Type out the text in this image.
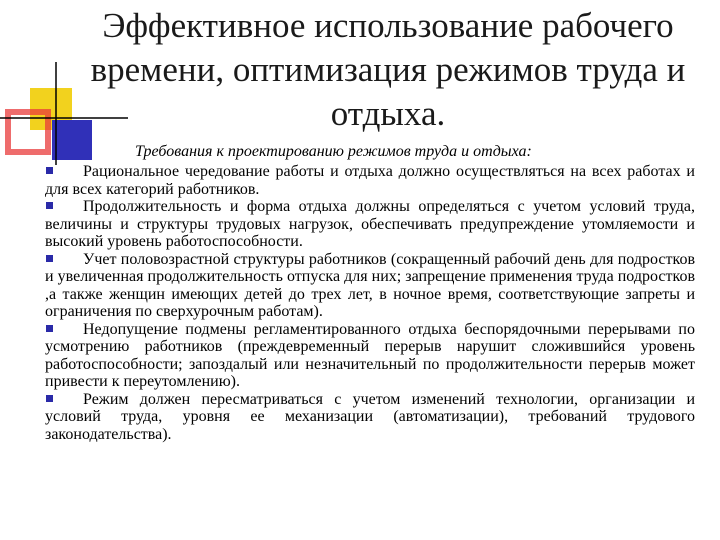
Эффективное использование рабочего времени, оптимизация режимов труда и отдыха.
Требования к проектированию режимов труда и отдыха:
Рациональное чередование работы и отдыха должно осуществляться на всех работах и для всех категорий работников.
Продолжительность и форма отдыха должны определяться с учетом условий труда, величины и структуры трудовых нагрузок, обеспечивать предупреждение утомляемости и высокий уровень работоспособности.
Учет половозрастной структуры работников (сокращенный рабочий день для подростков и увеличенная продолжительность отпуска для них; запрещение применения труда подростков ,а также женщин имеющих детей до трех лет, в ночное время, соответствующие запреты и ограничения по сверхурочным работам).
Недопущение подмены регламентированного отдыха беспорядочными перерывами по усмотрению работников (преждевременный перерыв нарушит сложившийся уровень работоспособности; запоздалый или незначительный по продолжительности перерыв может привести к переутомлению).
Режим должен пересматриваться с учетом изменений технологии, организации и условий труда, уровня ее механизации (автоматизации), требований трудового законодательства).
